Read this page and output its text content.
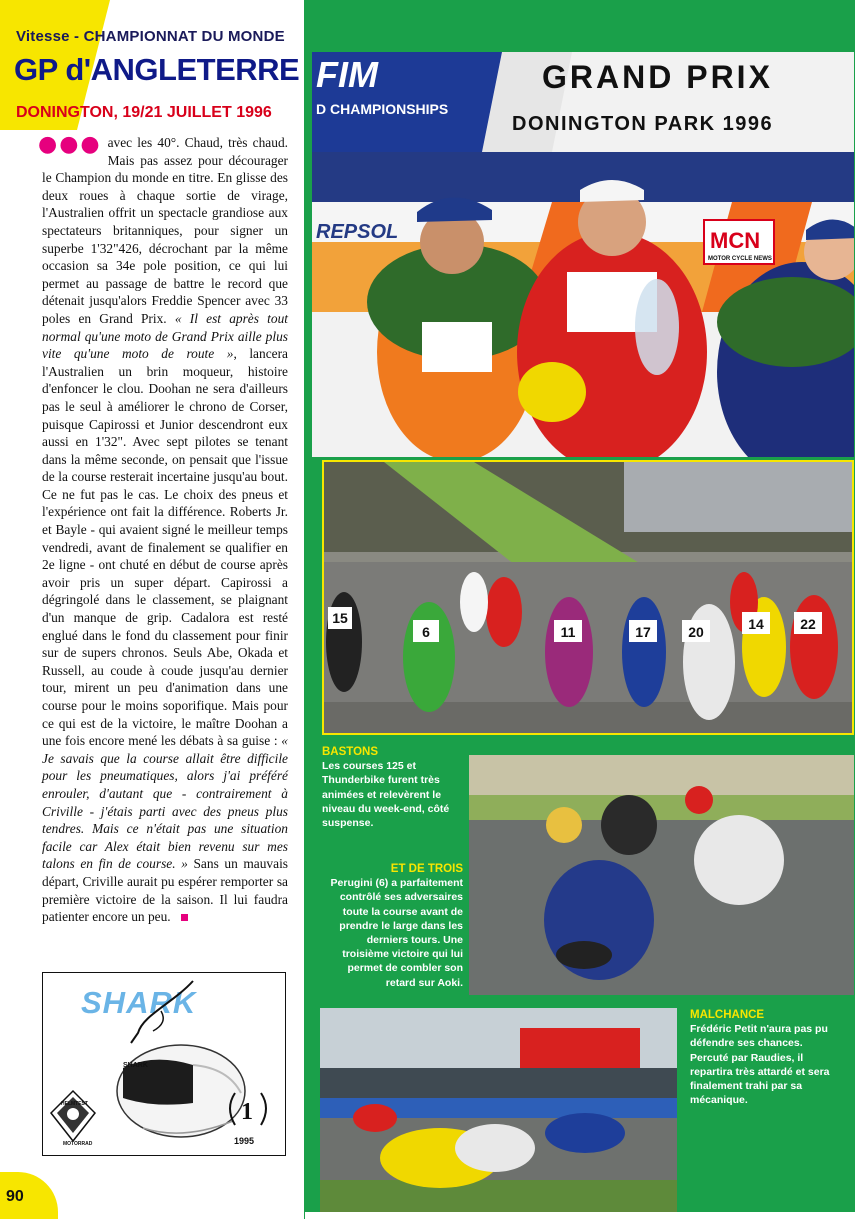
Vitesse - CHAMPIONNAT DU MONDE
GP d'ANGLETERRE
DONINGTON, 19/21 JUILLET 1996
●●● avec les 40°. Chaud, très chaud. Mais pas assez pour décourager le Champion du monde en titre. En glisse des deux roues à chaque sortie de virage, l'Australien offrit un spectacle grandiose aux spectateurs britanniques, pour signer un superbe 1'32"426, décrochant par la même occasion sa 34e pole position, ce qui lui permet au passage de battre le record que détenait jusqu'alors Freddie Spencer avec 33 poles en Grand Prix. « Il est après tout normal qu'une moto de Grand Prix aille plus vite qu'une moto de route », lancera l'Australien un brin moqueur, histoire d'enfoncer le clou. Doohan ne sera d'ailleurs pas le seul à améliorer le chrono de Corser, puisque Capirossi et Junior descendront eux aussi en 1'32". Avec sept pilotes se tenant dans la même seconde, on pensait que l'issue de la course resterait incertaine jusqu'au bout. Ce ne fut pas le cas. Le choix des pneus et l'expérience ont fait la différence. Roberts Jr. et Bayle - qui avaient signé le meilleur temps vendredi, avant de finalement se qualifier en 2e ligne - ont chuté en début de course après avoir pris un super départ. Capirossi a dégringolé dans le classement, se plaignant d'un manque de grip. Cadalora est resté englué dans le fond du classement pour finir sur de supers chronos. Seuls Abe, Okada et Russell, au coude à coude jusqu'au dernier tour, mirent un peu d'animation dans une course pour le moins soporifique. Mais pour ce qui est de la victoire, le maître Doohan a une fois encore mené les débats à sa guise : « Je savais que la course allait être difficile pour les pneumatiques, alors j'ai préféré enrouler, d'autant que - contrairement à Criville - j'étais parti avec des pneus plus tendres. Mais ce n'était pas une situation facile car Alex était bien revenu sur mes talons en fin de course. » Sans un mauvais départ, Criville aurait pu espérer remporter sa première victoire de la saison. Il lui faudra patienter encore un peu.
SHARK
SHARK
HELMTEST
MOTORRAD
1
1995
90
FIM
D CHAMPIONSHIPS
GRAND PRIX
DONINGTON PARK 1996
REPSOL	MCN
MOTOR CYCLE NEWS
15
6	11	17	20	14	22
BASTONS
Les courses 125 et Thunderbike furent très animées et relevèrent le niveau du week-end, côté suspense.
ET DE TROIS
Perugini (6) a parfaitement contrôlé ses adversaires toute la course avant de prendre le large dans les derniers tours. Une troisième victoire qui lui permet de combler son retard sur Aoki.
MALCHANCE
Frédéric Petit n'aura pas pu défendre ses chances. Percuté par Raudies, il repartira très attardé et sera finalement trahi par sa mécanique.
